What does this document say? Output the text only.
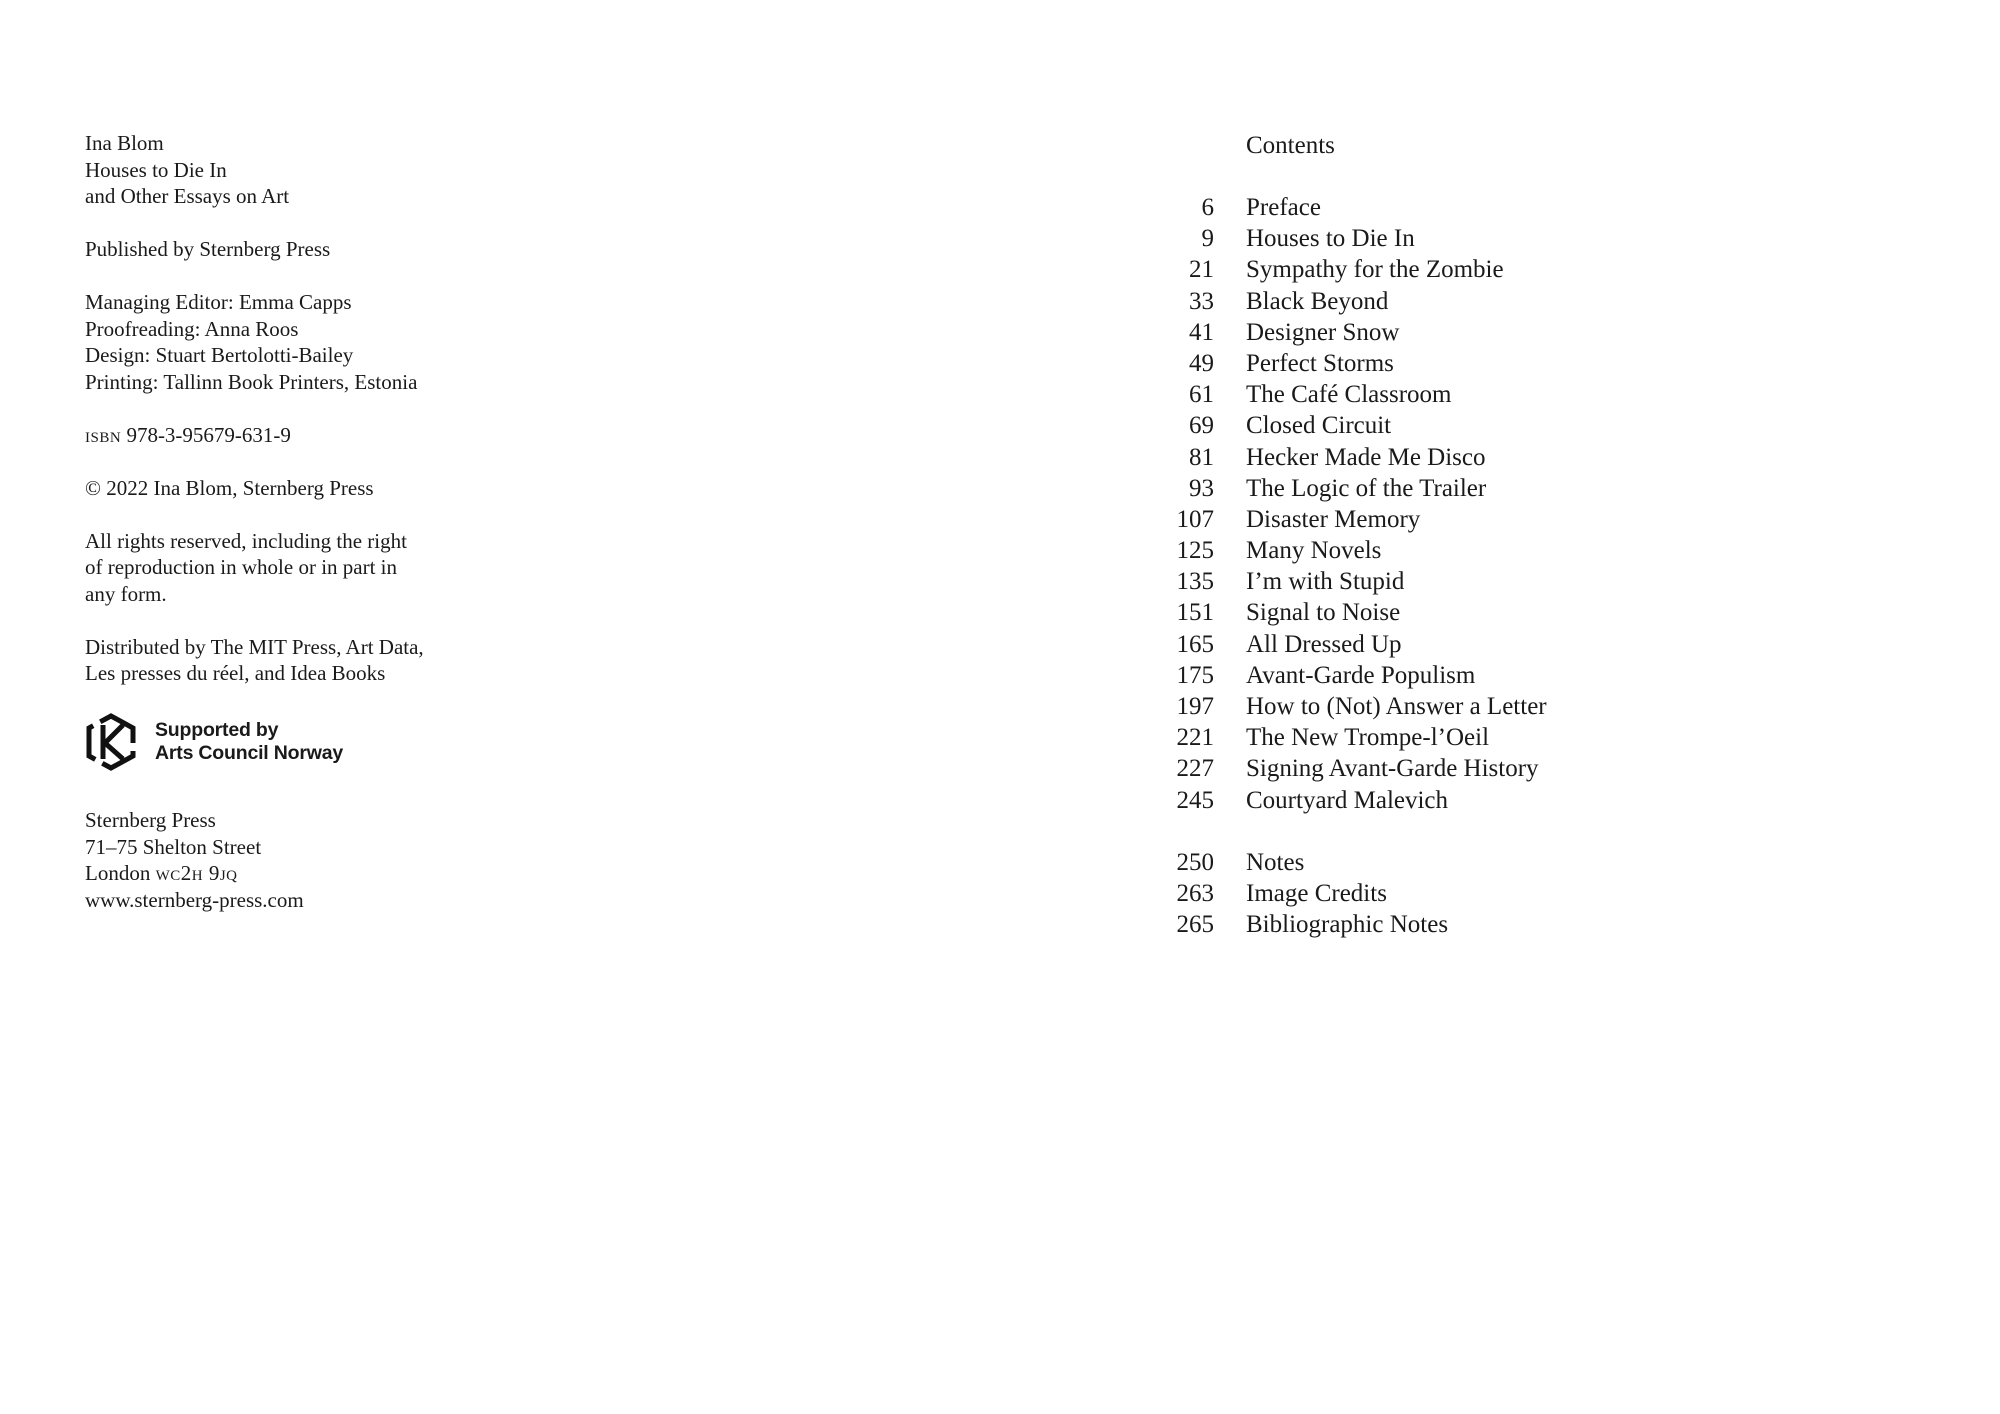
Ina Blom
Houses to Die In
and Other Essays on Art
Published by Sternberg Press
Managing Editor: Emma Capps
Proofreading: Anna Roos
Design: Stuart Bertolotti-Bailey
Printing: Tallinn Book Printers, Estonia
isbn 978-3-95679-631-9
© 2022 Ina Blom, Sternberg Press
All rights reserved, including the right
of reproduction in whole or in part in
any form.
Distributed by The MIT Press, Art Data,
Les presses du réel, and Idea Books
Supported by
Arts Council Norway
Sternberg Press
71–75 Shelton Street
London wc2h 9jq
www.sternberg-press.com
Contents
6 Preface
9 Houses to Die In
21 Sympathy for the Zombie
33 Black Beyond
41 Designer Snow
49 Perfect Storms
61 The Café Classroom
69 Closed Circuit
81 Hecker Made Me Disco
93 The Logic of the Trailer
107 Disaster Memory
125 Many Novels
135 I’m with Stupid
151 Signal to Noise
165 All Dressed Up
175 Avant-Garde Populism
197 How to (Not) Answer a Letter
221 The New Trompe-l’Oeil
227 Signing Avant-Garde History
245 Courtyard Malevich
250 Notes
263 Image Credits
265 Bibliographic Notes
